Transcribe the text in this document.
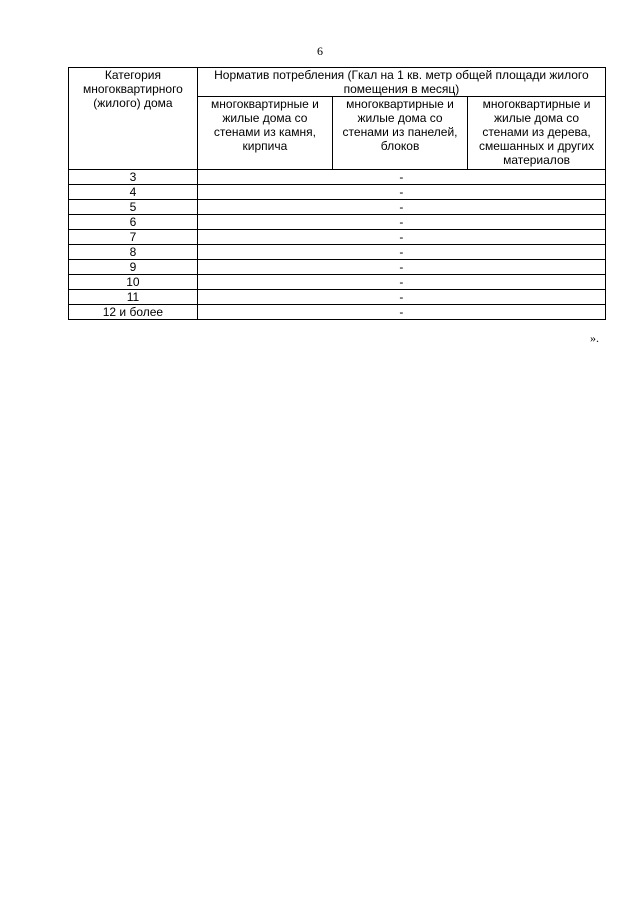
6
Категория многоквартирного (жилого) дома	Норматив потребления (Гкал на 1 кв. метр общей площади жилого помещения в месяц)		
	многоквартирные и жилые дома со стенами из камня, кирпича	многоквартирные и жилые дома со стенами из панелей, блоков	многоквартирные и жилые дома со стенами из дерева, смешанных и других материалов
3	-		
4	-		
5	-		
6	-		
7	-		
8	-		
9	-		
10	-		
11	-		
12 и более	-		
».
